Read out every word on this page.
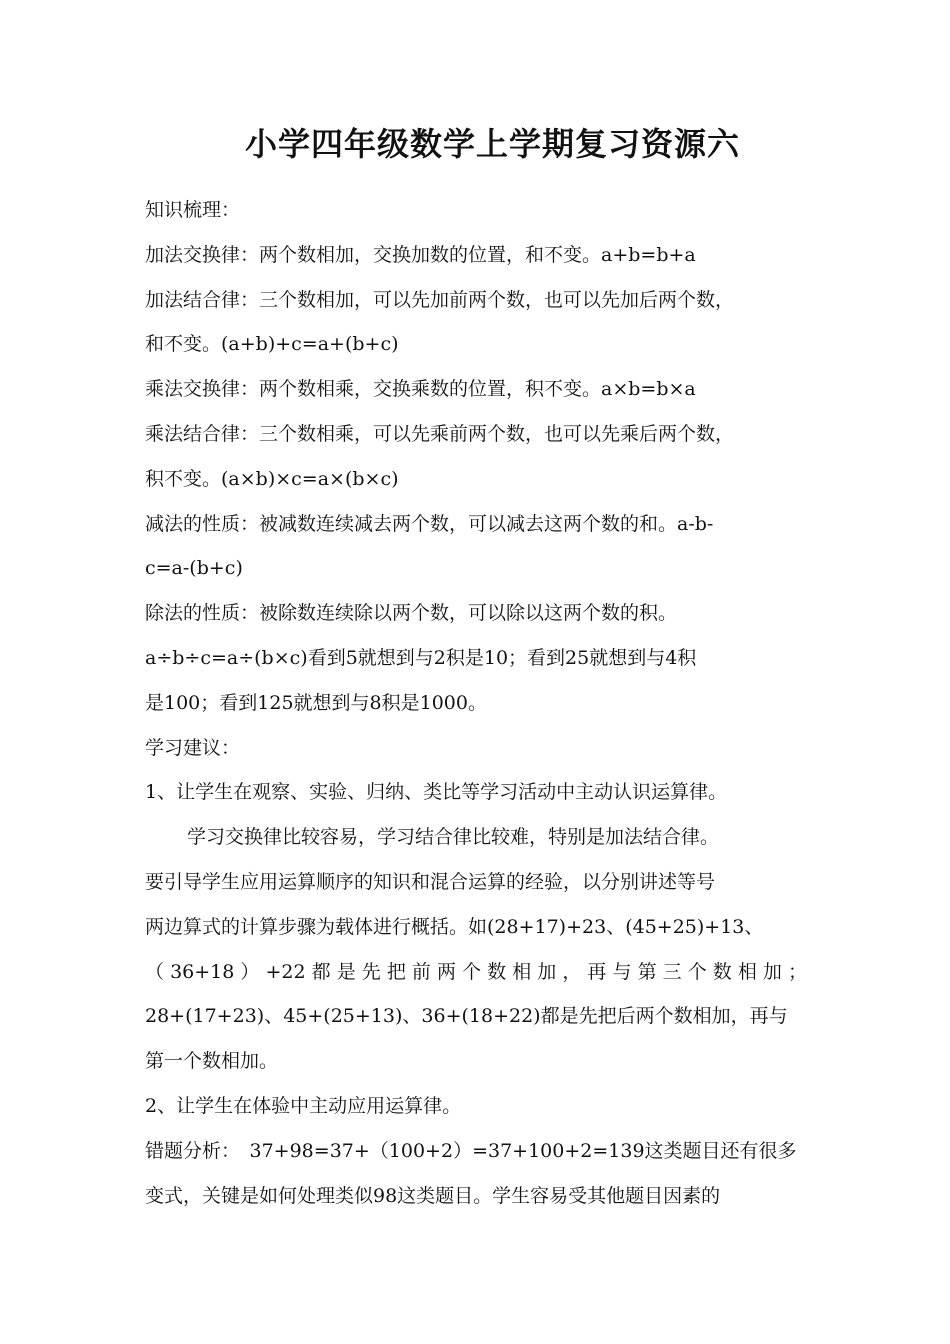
小学四年级数学上学期复习资源六
知识梳理：
加法交换律：两个数相加，交换加数的位置，和不变。a+b=b+a
加法结合律：三个数相加，可以先加前两个数，也可以先加后两个数，
和不变。(a+b)+c=a+(b+c)
乘法交换律：两个数相乘，交换乘数的位置，积不变。a×b=b×a
乘法结合律：三个数相乘，可以先乘前两个数，也可以先乘后两个数，
积不变。(a×b)×c=a×(b×c)
减法的性质：被减数连续减去两个数，可以减去这两个数的和。a-b-
c=a-(b+c)
除法的性质：被除数连续除以两个数，可以除以这两个数的积。
a÷b÷c=a÷(b×c)看到5就想到与2积是10；看到25就想到与4积
是100；看到125就想到与8积是1000。
学习建议：
1、让学生在观察、实验、归纳、类比等学习活动中主动认识运算律。
学习交换律比较容易，学习结合律比较难，特别是加法结合律。
要引导学生应用运算顺序的知识和混合运算的经验，以分别讲述等号
两边算式的计算步骤为载体进行概括。如(28+17)+23、(45+25)+13、
（36+18）+22都是先把前两个数相加，再与第三个数相加；
28+(17+23)、45+(25+13)、36+(18+22)都是先把后两个数相加，再与
第一个数相加。
2、让学生在体验中主动应用运算律。
错题分析：　37+98=37+（100+2）=37+100+2=139这类题目还有很多
变式，关键是如何处理类似98这类题目。学生容易受其他题目因素的
